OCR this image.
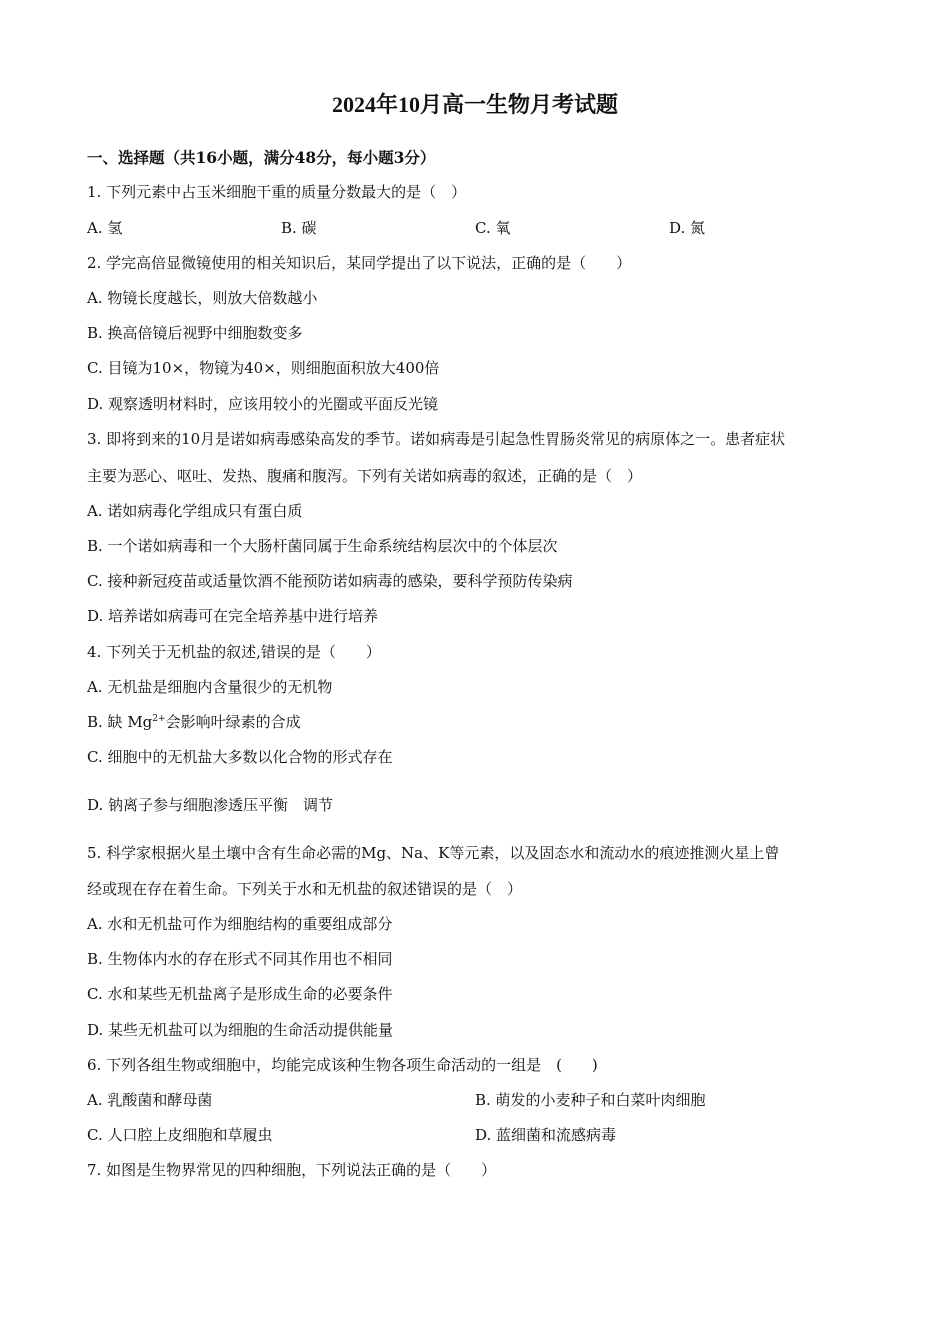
2024年10月高一生物月考试题
一、选择题（共16小题，满分48分，每小题3分）
1. 下列元素中占玉米细胞干重的质量分数最大的是（　）
A. 氢	B. 碳	C. 氧	D. 氮
2. 学完高倍显微镜使用的相关知识后，某同学提出了以下说法，正确的是（　　）
A. 物镜长度越长，则放大倍数越小
B. 换高倍镜后视野中细胞数变多
C. 目镜为10×，物镜为40×，则细胞面积放大400倍
D. 观察透明材料时，应该用较小的光圈或平面反光镜
3. 即将到来的10月是诺如病毒感染高发的季节。诺如病毒是引起急性胃肠炎常见的病原体之一。患者症状
主要为恶心、呕吐、发热、腹痛和腹泻。下列有关诺如病毒的叙述，正确的是（　）
A. 诺如病毒化学组成只有蛋白质
B. 一个诺如病毒和一个大肠杆菌同属于生命系统结构层次中的个体层次
C. 接种新冠疫苗或适量饮酒不能预防诺如病毒的感染，要科学预防传染病
D. 培养诺如病毒可在完全培养基中进行培养
4. 下列关于无机盐的叙述,错误的是（　　）
A. 无机盐是细胞内含量很少的无机物
B. 缺 $Mg^{2+}$会影响叶绿素的合成
C. 细胞中的无机盐大多数以化合物的形式存在
D. 钠离子参与细胞渗透压平衡　调节
5. 科学家根据火星土壤中含有生命必需的Mg、Na、K等元素，以及固态水和流动水的痕迹推测火星上曾
经或现在存在着生命。下列关于水和无机盐的叙述错误的是（　）
A. 水和无机盐可作为细胞结构的重要组成部分
B. 生物体内水的存在形式不同其作用也不相同
C. 水和某些无机盐离子是形成生命的必要条件
D. 某些无机盐可以为细胞的生命活动提供能量
6. 下列各组生物或细胞中，均能完成该种生物各项生命活动的一组是　(　　)
A. 乳酸菌和酵母菌	B. 萌发的小麦种子和白菜叶肉细胞
C. 人口腔上皮细胞和草履虫	D. 蓝细菌和流感病毒
7. 如图是生物界常见的四种细胞，下列说法正确的是（　　）
